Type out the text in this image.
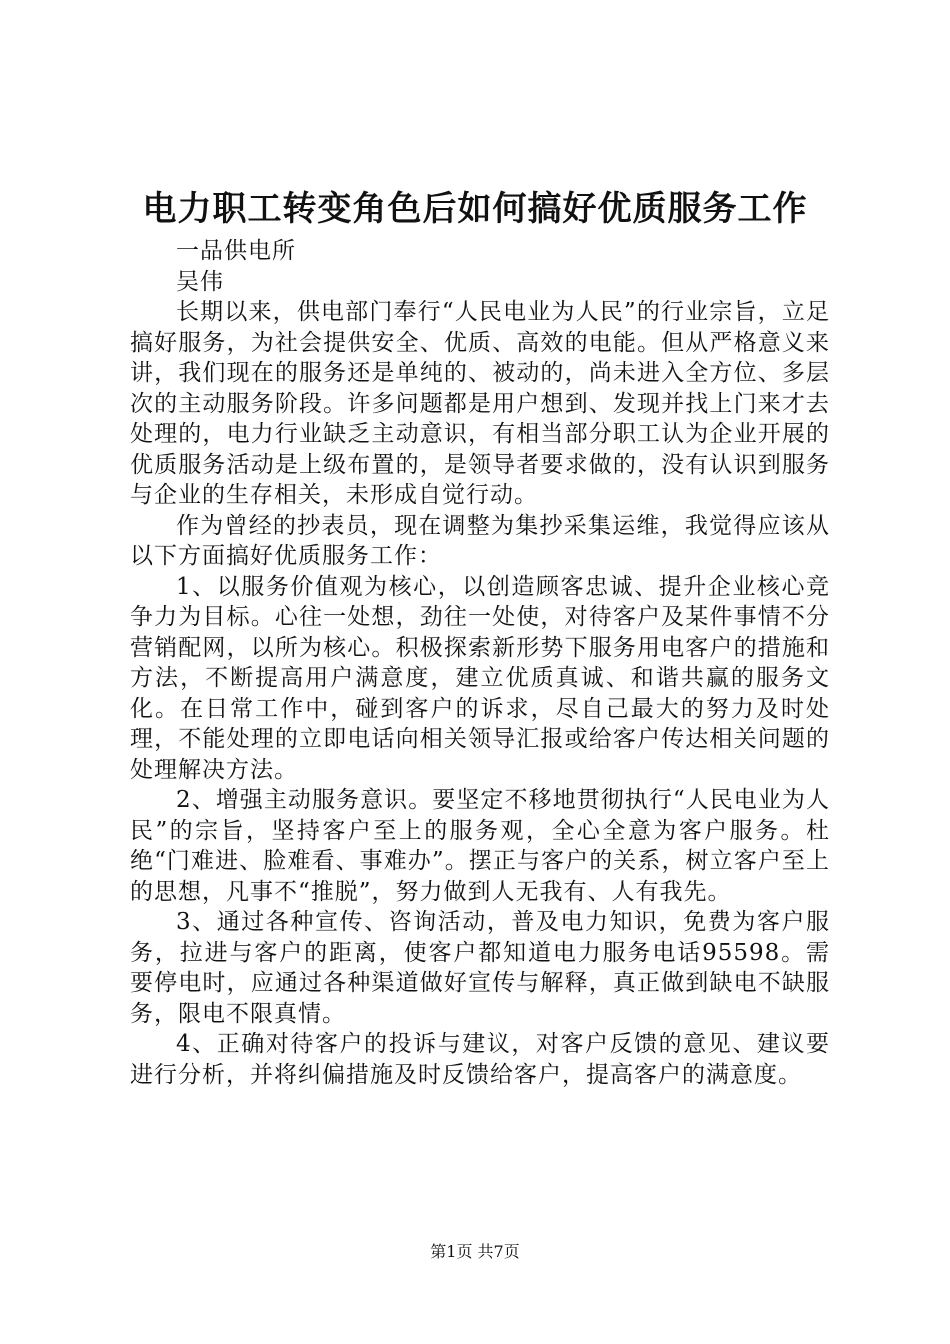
电力职工转变角色后如何搞好优质服务工作

一品供电所

吴伟

长期以来，供电部门奉行“人民电业为人民”的行业宗旨，立足搞好服务，为社会提供安全、优质、高效的电能。但从严格意义来讲，我们现在的服务还是单纯的、被动的，尚未进入全方位、多层次的主动服务阶段。许多问题都是用户想到、发现并找上门来才去处理的，电力行业缺乏主动意识，有相当部分职工认为企业开展的优质服务活动是上级布置的，是领导者要求做的，没有认识到服务与企业的生存相关，未形成自觉行动。

作为曾经的抄表员，现在调整为集抄采集运维，我觉得应该从以下方面搞好优质服务工作：

1、以服务价值观为核心，以创造顾客忠诚、提升企业核心竞争力为目标。心往一处想，劲往一处使，对待客户及某件事情不分营销配网，以所为核心。积极探索新形势下服务用电客户的措施和方法，不断提高用户满意度，建立优质真诚、和谐共赢的服务文化。在日常工作中，碰到客户的诉求，尽自己最大的努力及时处理，不能处理的立即电话向相关领导汇报或给客户传达相关问题的处理解决方法。

2、增强主动服务意识。要坚定不移地贯彻执行“人民电业为人民”的宗旨，坚持客户至上的服务观，全心全意为客户服务。杜绝“门难进、脸难看、事难办”。摆正与客户的关系，树立客户至上的思想，凡事不“推脱”，努力做到人无我有、人有我先。

3、通过各种宣传、咨询活动，普及电力知识，免费为客户服务，拉进与客户的距离，使客户都知道电力服务电话95598。需要停电时，应通过各种渠道做好宣传与解释，真正做到缺电不缺服务，限电不限真情。

4、正确对待客户的投诉与建议，对客户反馈的意见、建议要进行分析，并将纠偏措施及时反馈给客户，提高客户的满意度。

第1页 共7页
